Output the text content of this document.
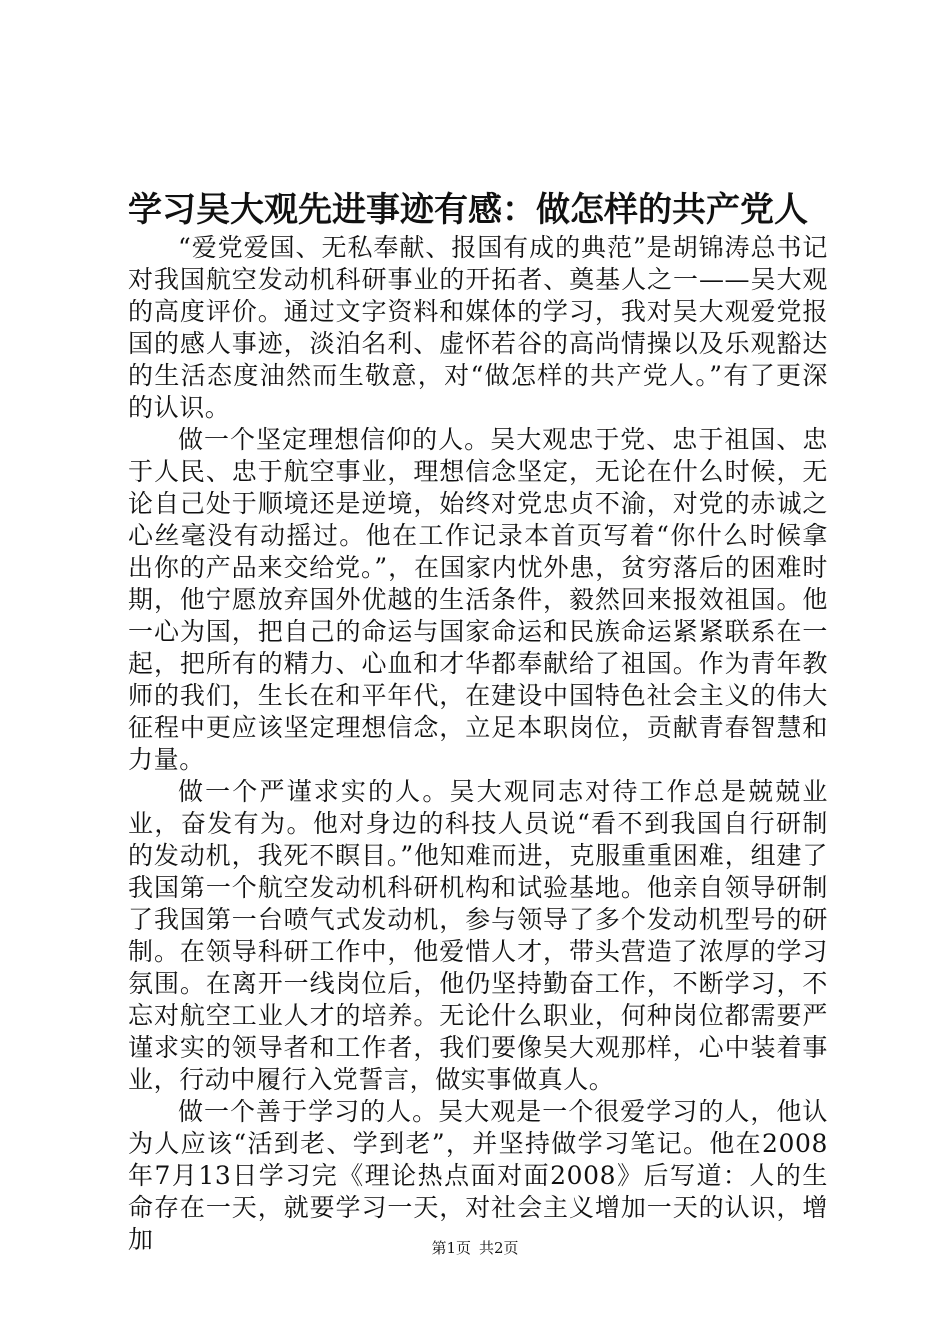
学习吴大观先进事迹有感：做怎样的共产党人

“爱党爱国、无私奉献、报国有成的典范”是胡锦涛总书记对我国航空发动机科研事业的开拓者、奠基人之一——吴大观的高度评价。通过文字资料和媒体的学习，我对吴大观爱党报国的感人事迹，淡泊名利、虚怀若谷的高尚情操以及乐观豁达的生活态度油然而生敬意，对“做怎样的共产党人。”有了更深的认识。

做一个坚定理想信仰的人。吴大观忠于党、忠于祖国、忠于人民、忠于航空事业，理想信念坚定，无论在什么时候，无论自己处于顺境还是逆境，始终对党忠贞不渝，对党的赤诚之心丝毫没有动摇过。他在工作记录本首页写着“你什么时候拿出你的产品来交给党。”，在国家内忧外患，贫穷落后的困难时期，他宁愿放弃国外优越的生活条件，毅然回来报效祖国。他一心为国，把自己的命运与国家命运和民族命运紧紧联系在一起，把所有的精力、心血和才华都奉献给了祖国。作为青年教师的我们，生长在和平年代，在建设中国特色社会主义的伟大征程中更应该坚定理想信念，立足本职岗位，贡献青春智慧和力量。

做一个严谨求实的人。吴大观同志对待工作总是兢兢业业，奋发有为。他对身边的科技人员说“看不到我国自行研制的发动机，我死不瞑目。”他知难而进，克服重重困难，组建了我国第一个航空发动机科研机构和试验基地。他亲自领导研制了我国第一台喷气式发动机，参与领导了多个发动机型号的研制。在领导科研工作中，他爱惜人才，带头营造了浓厚的学习氛围。在离开一线岗位后，他仍坚持勤奋工作，不断学习，不忘对航空工业人才的培养。无论什么职业，何种岗位都需要严谨求实的领导者和工作者，我们要像吴大观那样，心中装着事业，行动中履行入党誓言，做实事做真人。

做一个善于学习的人。吴大观是一个很爱学习的人，他认为人应该“活到老、学到老”，并坚持做学习笔记。他在2008年7月13日学习完《理论热点面对面2008》后写道：人的生命存在一天，就要学习一天，对社会主义增加一天的认识，增加	第1页 共2页
